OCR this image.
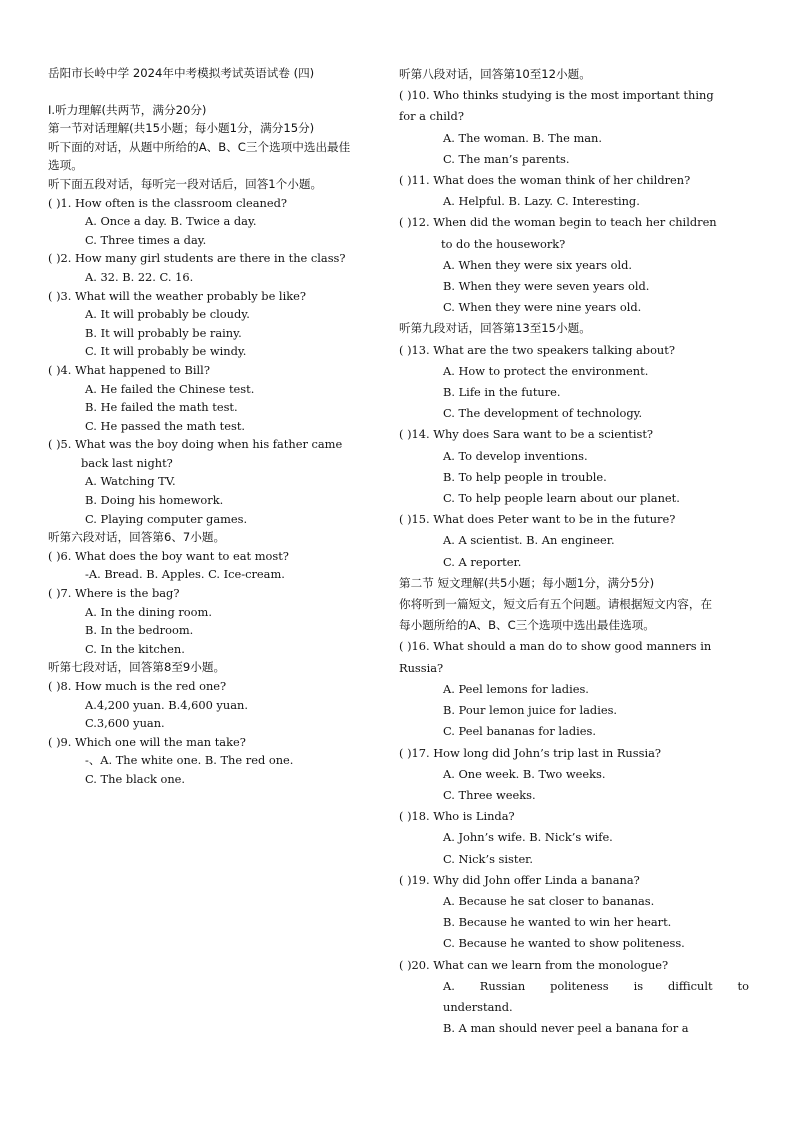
岳阳市长岭中学 2024年中考模拟考试英语试卷 (四)
Ⅰ.听力理解(共两节，满分20分)
第一节对话理解(共15小题；每小题1分，满分15分)
听下面的对话，从题中所给的A、B、C三个选项中选出最佳
选项。
听下面五段对话，每听完一段对话后，回答1个小题。
( )1. How often is the classroom cleaned?
A. Once a day. B. Twice a day.
C. Three times a day.
( )2. How many girl students are there in the class?
A. 32. B. 22. C. 16.
( )3. What will the weather probably be like?
A. It will probably be cloudy.
B. It will probably be rainy.
C. It will probably be windy.
( )4. What happened to Bill?
A. He failed the Chinese test.
B. He failed the math test.
C. He passed the math test.
( )5. What was the boy doing when his father came
back last night?
A. Watching TV.
B. Doing his homework.
C. Playing computer games.
听第六段对话，回答第6、7小题。
( )6. What does the boy want to eat most?
-A. Bread. B. Apples. C. Ice-cream.
( )7. Where is the bag?
A. In the dining room.
B. In the bedroom.
C. In the kitchen.
听第七段对话，回答第8至9小题。
( )8. How much is the red one?
A.4,200 yuan. B.4,600 yuan.
C.3,600 yuan.
( )9. Which one will the man take?
-、A. The white one. B. The red one.
C. The black one.
听第八段对话，回答第10至12小题。
( )10. Who thinks studying is the most important thing
for a child?
A. The woman. B. The man.
C. The man’s parents.
( )11. What does the woman think of her children?
A. Helpful. B. Lazy. C. Interesting.
( )12. When did the woman begin to teach her children
to do the housework?
A. When they were six years old.
B. When they were seven years old.
C. When they were nine years old.
听第九段对话，回答第13至15小题。
( )13. What are the two speakers talking about?
A. How to protect the environment.
B. Life in the future.
C. The development of technology.
( )14. Why does Sara want to be a scientist?
A. To develop inventions.
B. To help people in trouble.
C. To help people learn about our planet.
( )15. What does Peter want to be in the future?
A. A scientist. B. An engineer.
C. A reporter.
第二节 短文理解(共5小题；每小题1分，满分5分)
你将听到一篇短文，短文后有五个问题。请根据短文内容，在
每小题所给的A、B、C三个选项中选出最佳选项。
( )16. What should a man do to show good manners in
Russia?
A. Peel lemons for ladies.
B. Pour lemon juice for ladies.
C. Peel bananas for ladies.
( )17. How long did John’s trip last in Russia?
A. One week. B. Two weeks.
C. Three weeks.
( )18. Who is Linda?
A. John’s wife. B. Nick’s wife.
C. Nick’s sister.
( )19. Why did John offer Linda a banana?
A. Because he sat closer to bananas.
B. Because he wanted to win her heart.
C. Because he wanted to show politeness.
( )20. What can we learn from the monologue?
A. Russian politeness is difficult to
understand.
B. A man should never peel a banana for a
